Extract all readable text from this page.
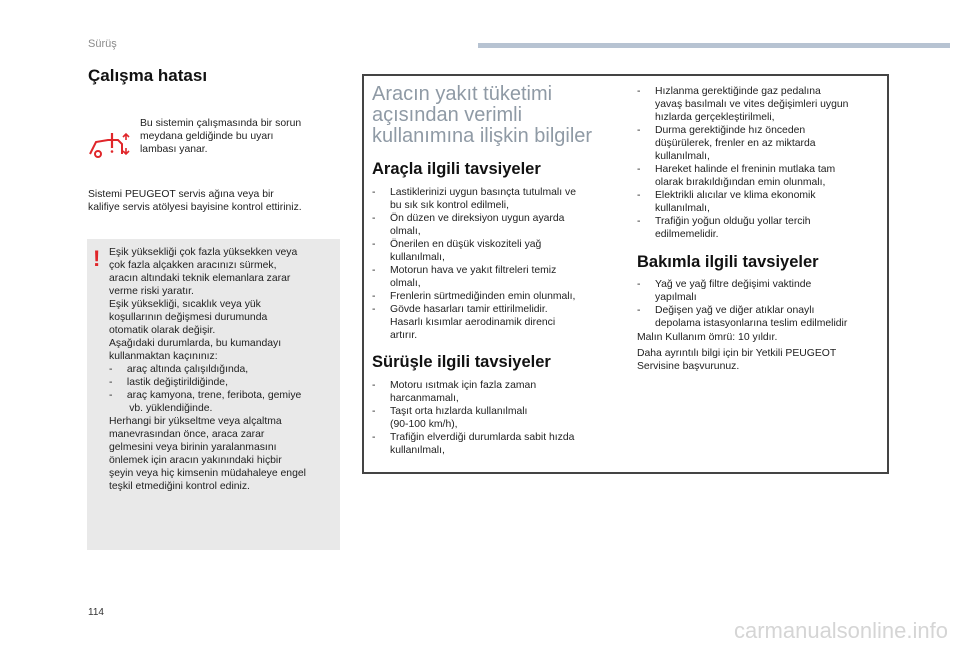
Sürüş
Çalışma hatası
Bu sistemin çalışmasında bir sorun
meydana geldiğinde bu uyarı
lambası yanar.
Sistemi PEUGEOT servis ağına veya bir
kalifiye servis atölyesi bayisine kontrol ettiriniz.
! Eşik yüksekliği çok fazla yüksekken veya
çok fazla alçakken aracınızı sürmek,
aracın altındaki teknik elemanlara zarar
verme riski yaratır.
Eşik yüksekliği, sıcaklık veya yük
koşullarının değişmesi durumunda
otomatik olarak değişir.
Aşağıdaki durumlarda, bu kumandayı
kullanmaktan kaçınınız:
-     araç altında çalışıldığında,
-     lastik değiştirildiğinde,
-     araç kamyona, trene, feribota, gemiye
vb. yüklendiğinde.
Herhangi bir yükseltme veya alçaltma
manevrasından önce, araca zarar
gelmesini veya birinin yaralanmasını
önlemek için aracın yakınındaki hiçbir
şeyin veya hiç kimsenin müdahaleye engel
teşkil etmediğini kontrol ediniz.
Aracın yakıt tüketimi
açısından verimli
kullanımına ilişkin bilgiler
Araçla ilgili tavsiyeler
- Lastiklerinizi uygun basınçta tutulmalı ve
bu sık sık kontrol edilmeli,
- Ön düzen ve direksiyon uygun ayarda
olmalı,
- Önerilen en düşük viskoziteli yağ
kullanılmalı,
- Motorun hava ve yakıt filtreleri temiz
olmalı,
- Frenlerin sürtmediğinden emin olunmalı,
- Gövde hasarları tamir ettirilmelidir.
Hasarlı kısımlar aerodinamik direnci
artırır.
Sürüşle ilgili tavsiyeler
- Motoru ısıtmak için fazla zaman
harcanmamalı,
- Taşıt orta hızlarda kullanılmalı
(90-100 km/h),
- Trafiğin elverdiği durumlarda sabit hızda
kullanılmalı,
- Hızlanma gerektiğinde gaz pedalına
yavaş basılmalı ve vites değişimleri uygun
hızlarda gerçekleştirilmeli,
- Durma gerektiğinde hız önceden
düşürülerek, frenler en az miktarda
kullanılmalı,
- Hareket halinde el freninin mutlaka tam
olarak bırakıldığından emin olunmalı,
- Elektrikli alıcılar ve klima ekonomik
kullanılmalı,
- Trafiğin yoğun olduğu yollar tercih
edilmemelidir.
Bakımla ilgili tavsiyeler
- Yağ ve yağ filtre değişimi vaktinde
yapılmalı
- Değişen yağ ve diğer atıklar onaylı
depolama istasyonlarına teslim edilmelidir
Malın Kullanım ömrü: 10 yıldır.
Daha ayrıntılı bilgi için bir Yetkili PEUGEOT
Servisine başvurunuz.
114
carmanualsonline.info
